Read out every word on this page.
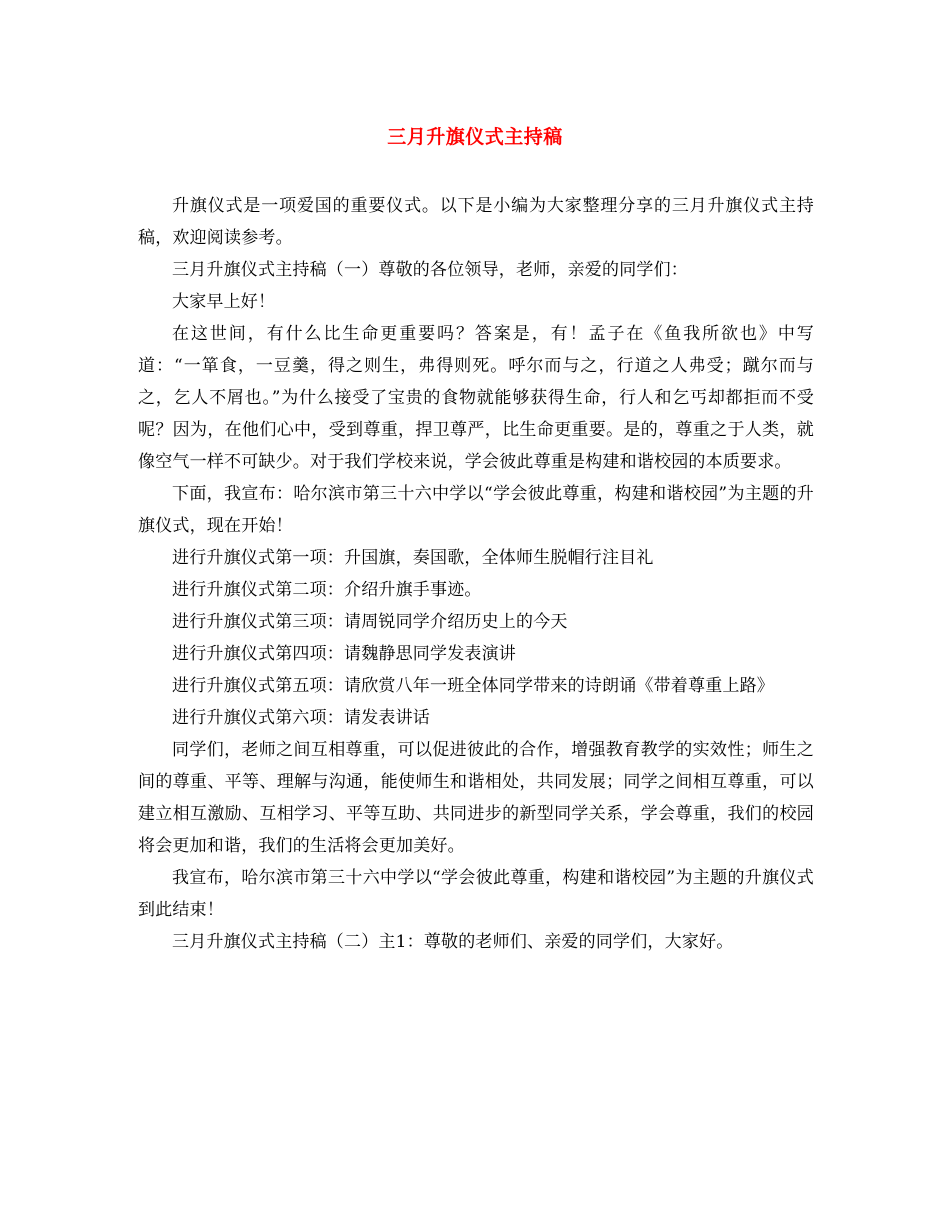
三月升旗仪式主持稿

升旗仪式是一项爱国的重要仪式。以下是小编为大家整理分享的三月升旗仪式主持稿，欢迎阅读参考。

三月升旗仪式主持稿（一）尊敬的各位领导，老师，亲爱的同学们：

大家早上好！

在这世间，有什么比生命更重要吗？答案是，有！孟子在《鱼我所欲也》中写道：“一箪食，一豆羹，得之则生，弗得则死。呼尔而与之，行道之人弗受；蹴尔而与之，乞人不屑也。”为什么接受了宝贵的食物就能够获得生命，行人和乞丐却都拒而不受呢？因为，在他们心中，受到尊重，捍卫尊严，比生命更重要。是的，尊重之于人类，就像空气一样不可缺少。对于我们学校来说，学会彼此尊重是构建和谐校园的本质要求。

下面，我宣布：哈尔滨市第三十六中学以“学会彼此尊重，构建和谐校园”为主题的升旗仪式，现在开始！

进行升旗仪式第一项：升国旗，奏国歌，全体师生脱帽行注目礼

进行升旗仪式第二项：介绍升旗手事迹。

进行升旗仪式第三项：请周锐同学介绍历史上的今天

进行升旗仪式第四项：请魏静思同学发表演讲

进行升旗仪式第五项：请欣赏八年一班全体同学带来的诗朗诵《带着尊重上路》

进行升旗仪式第六项：请发表讲话

同学们，老师之间互相尊重，可以促进彼此的合作，增强教育教学的实效性；师生之间的尊重、平等、理解与沟通，能使师生和谐相处，共同发展；同学之间相互尊重，可以建立相互激励、互相学习、平等互助、共同进步的新型同学关系，学会尊重，我们的校园将会更加和谐，我们的生活将会更加美好。

我宣布，哈尔滨市第三十六中学以“学会彼此尊重，构建和谐校园”为主题的升旗仪式到此结束！

三月升旗仪式主持稿（二）主1：尊敬的老师们、亲爱的同学们，大家好。
